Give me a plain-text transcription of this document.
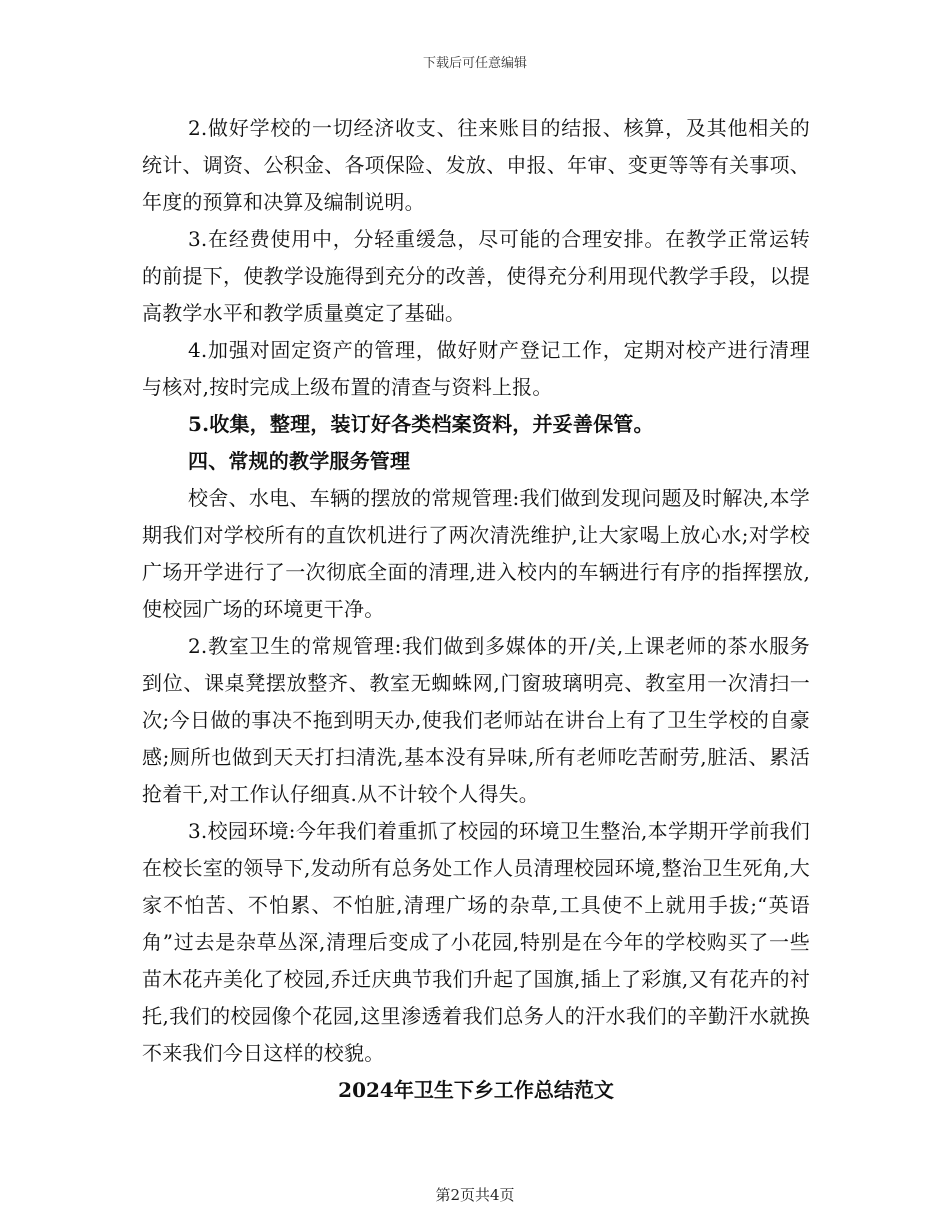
下载后可任意编辑

2.做好学校的一切经济收支、往来账目的结报、核算，及其他相关的统计、调资、公积金、各项保险、发放、申报、年审、变更等等有关事项、年度的预算和决算及编制说明。

3.在经费使用中，分轻重缓急，尽可能的合理安排。在教学正常运转的前提下，使教学设施得到充分的改善，使得充分利用现代教学手段，以提高教学水平和教学质量奠定了基础。

4.加强对固定资产的管理，做好财产登记工作，定期对校产进行清理与核对,按时完成上级布置的清查与资料上报。

5.收集，整理，装订好各类档案资料，并妥善保管。

四、常规的教学服务管理

校舍、水电、车辆的摆放的常规管理:我们做到发现问题及时解决,本学期我们对学校所有的直饮机进行了两次清洗维护,让大家喝上放心水;对学校广场开学进行了一次彻底全面的清理,进入校内的车辆进行有序的指挥摆放,使校园广场的环境更干净。

2.教室卫生的常规管理:我们做到多媒体的开/关,上课老师的茶水服务到位、课桌凳摆放整齐、教室无蜘蛛网,门窗玻璃明亮、教室用一次清扫一次;今日做的事决不拖到明天办,使我们老师站在讲台上有了卫生学校的自豪感;厕所也做到天天打扫清洗,基本没有异味,所有老师吃苦耐劳,脏活、累活抢着干,对工作认仔细真.从不计较个人得失。

3.校园环境:今年我们着重抓了校园的环境卫生整治,本学期开学前我们在校长室的领导下,发动所有总务处工作人员清理校园环境,整治卫生死角,大家不怕苦、不怕累、不怕脏,清理广场的杂草,工具使不上就用手拔;“英语角”过去是杂草丛深,清理后变成了小花园,特别是在今年的学校购买了一些苗木花卉美化了校园,乔迁庆典节我们升起了国旗,插上了彩旗,又有花卉的衬托,我们的校园像个花园,这里渗透着我们总务人的汗水我们的辛勤汗水就换不来我们今日这样的校貌。

2024年卫生下乡工作总结范文

第2页共4页
